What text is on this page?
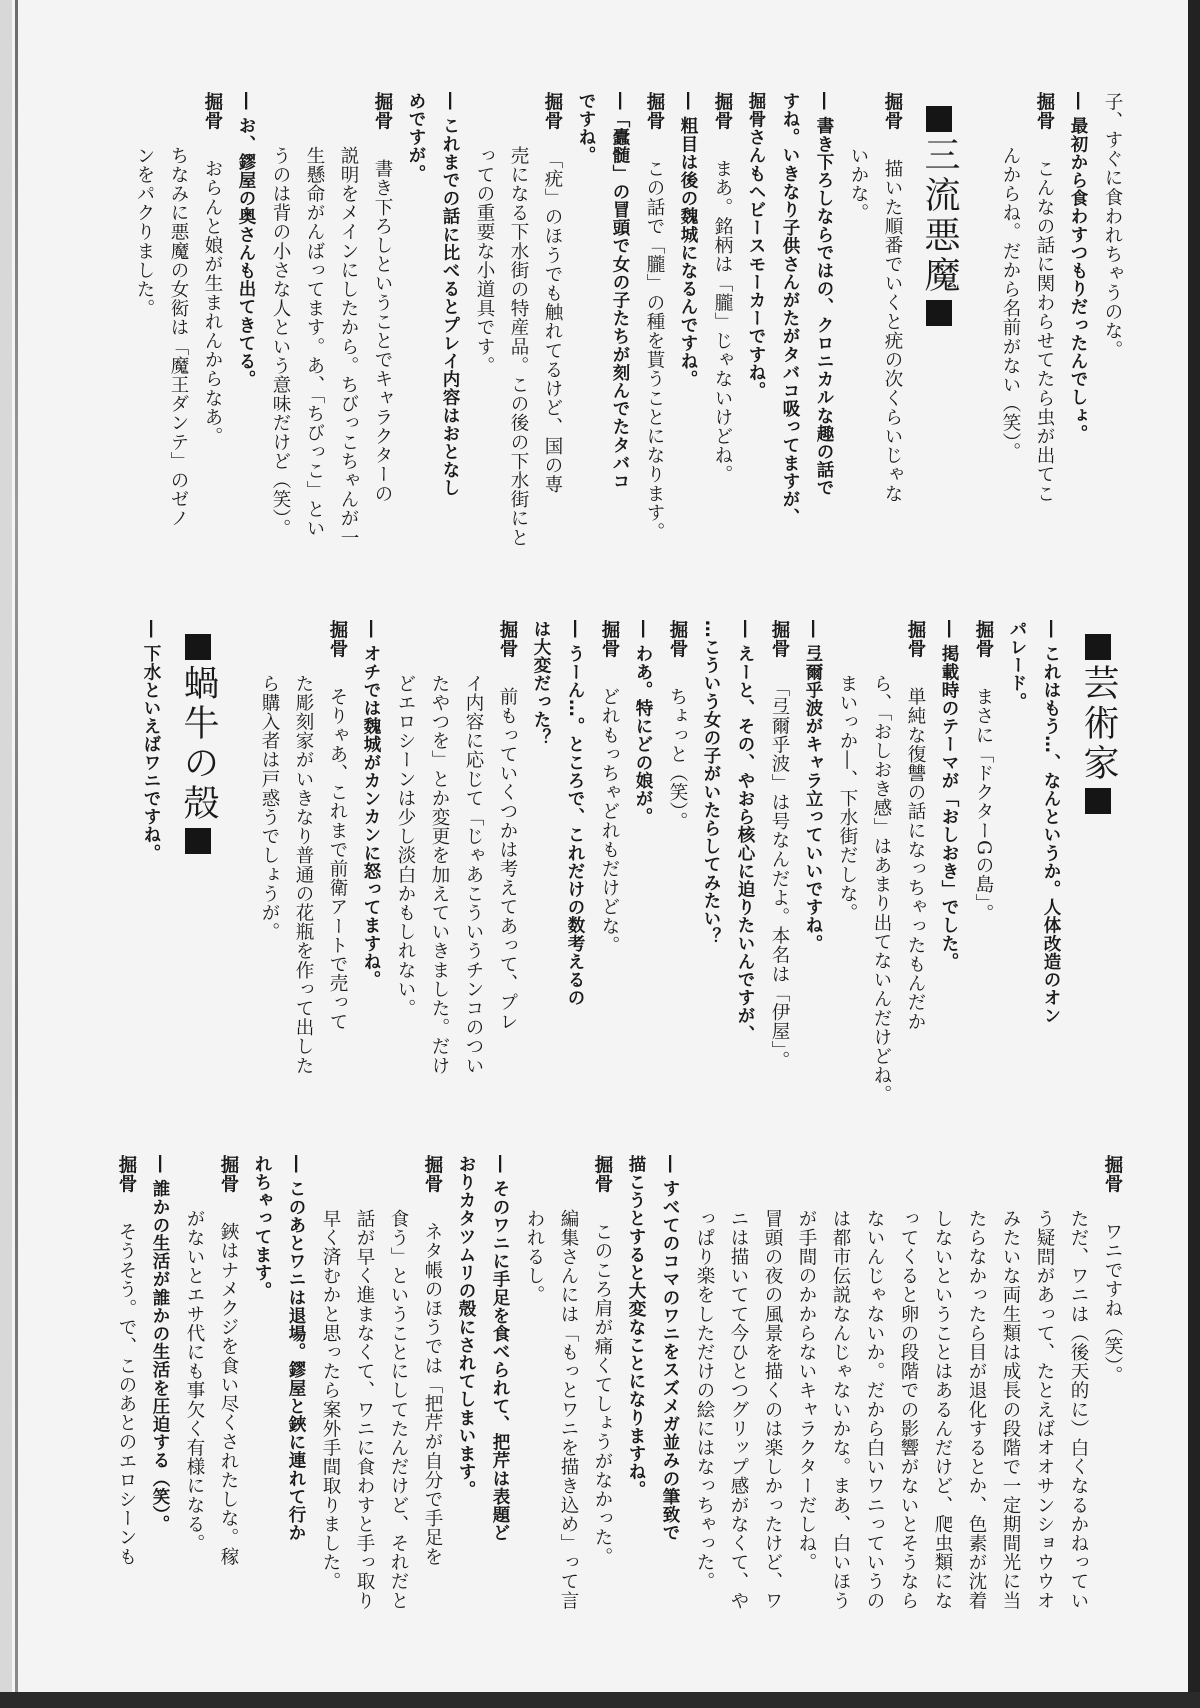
子、すぐに食われちゃうのな。
― 最初から食わすつもりだったんでしょ。
掘骨　こんなの話に関わらせてたら虫が出てこ
んからね。だから名前がない（笑）。
三流悪魔
掘骨　描いた順番でいくと疣の次くらいじゃな
いかな。
― 書き下ろしならではの、クロニカルな趣の話で
すね。いきなり子供さんがたがタバコ吸ってますが、
掘骨さんもヘビースモーカーですね。
掘骨　まあ。銘柄は「朧」じゃないけどね。
― 粗目は後の魏城になるんですね。
掘骨　この話で「朧」の種を貰うことになります。
―「蠹髄」の冒頭で女の子たちが刻んでたタバコ
ですね。
掘骨　「疣」のほうでも触れてるけど、国の専
売になる下水街の特産品。この後の下水街にと
っての重要な小道具です。
― これまでの話に比べるとプレイ内容はおとなし
めですが。
掘骨　書き下ろしということでキャラクターの
説明をメインにしたから。ちびっこちゃんが一
生懸命がんばってます。あ、「ちびっこ」とい
うのは背の小さな人という意味だけど（笑）。
― お、鏐屋の奥さんも出てきてる。
掘骨　おらんと娘が生まれんからなあ。
ちなみに悪魔の女衒は「魔王ダンテ」のゼノ
ンをパクりました。
芸術家
― これはもう…、なんというか。人体改造のオン
パレード。
掘骨　まさに「ドクターGの島」。
― 掲載時のテーマが「おしおき」でした。
掘骨　単純な復讐の話になっちゃったもんだか
ら、「おしおき感」はあまり出てないんだけどね。
まいっか―、下水街だしな。
― 弖爾乎波がキャラ立っていいですね。
掘骨　「弖爾乎波」は号なんだよ。本名は「伊屋」。
― えーと、その、やおら核心に迫りたいんですが、
…こういう女の子がいたらしてみたい？
掘骨　ちょっと（笑）。
― わあ。特にどの娘が。
掘骨　どれもっちゃどれもだけどな。
― うーん…。ところで、これだけの数考えるの
は大変だった？
掘骨　前もっていくつかは考えてあって、プレ
イ内容に応じて「じゃあこういうチンコのつい
たやつを」とか変更を加えていきました。だけ
どエロシーンは少し淡白かもしれない。
― オチでは魏城がカンカンに怒ってますね。
掘骨　そりゃあ、これまで前衛アートで売って
た彫刻家がいきなり普通の花瓶を作って出した
ら購入者は戸惑うでしょうが。
蝸牛の殻
― 下水といえばワニですね。
掘骨　ワニですね（笑）。
ただ、ワニは（後天的に）白くなるかねってい
う疑問があって、たとえばオオサンショウウオ
みたいな両生類は成長の段階で一定期間光に当
たらなかったら目が退化するとか、色素が沈着
しないということはあるんだけど、爬虫類にな
ってくると卵の段階での影響がないとそうなら
ないんじゃないか。だから白いワニっていうの
は都市伝説なんじゃないかな。まあ、白いほう
が手間のかからないキャラクターだしね。
冒頭の夜の風景を描くのは楽しかったけど、ワ
ニは描いてて今ひとつグリップ感がなくて、や
っぱり楽をしただけの絵にはなっちゃった。
― すべてのコマのワニをスズメガ並みの筆致で
描こうとすると大変なことになりますね。
掘骨　このころ肩が痛くてしょうがなかった。
編集さんには「もっとワニを描き込め」って言
われるし。
― そのワニに手足を食べられて、把芹は表題ど
おりカタツムリの殻にされてしまいます。
掘骨　ネタ帳のほうでは「把芹が自分で手足を
食う」ということにしてたんだけど、それだと
話が早く進まなくて、ワニに食わすと手っ取り
早く済むかと思ったら案外手間取りました。
― このあとワニは退場。鏐屋と鋏に連れて行か
れちゃってます。
掘骨　鋏はナメクジを食い尽くされたしな。稼
がないとエサ代にも事欠く有様になる。
― 誰かの生活が誰かの生活を圧迫する（笑）。
掘骨　そうそう。で、このあとのエロシーンも
